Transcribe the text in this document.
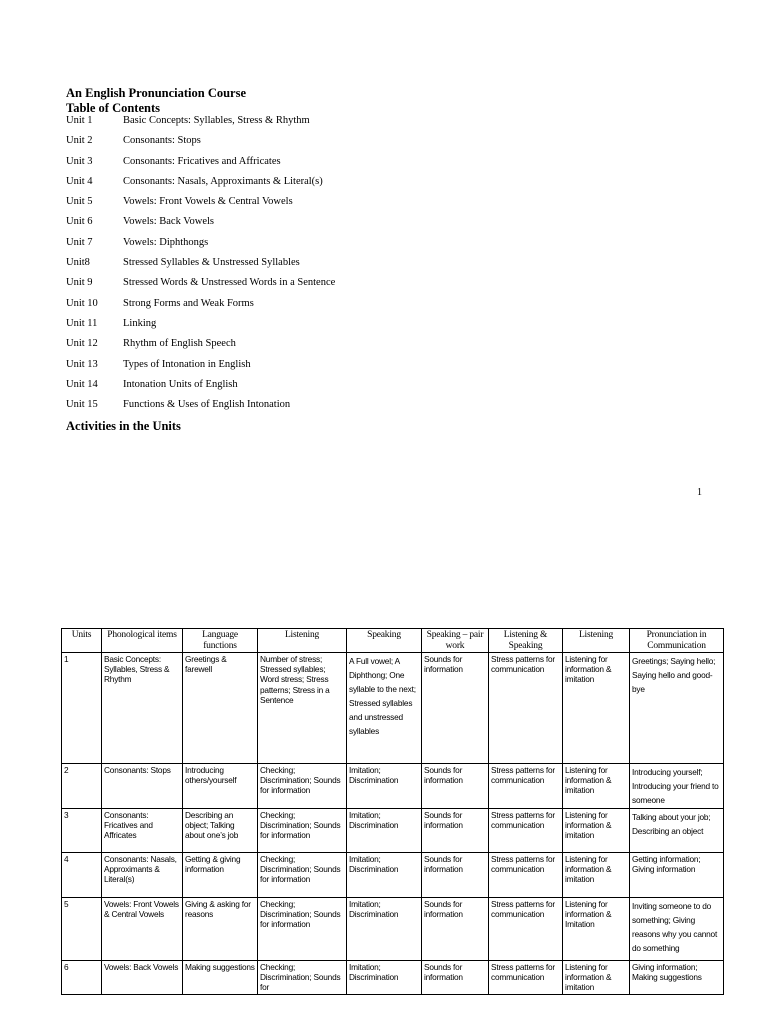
An English Pronunciation Course
Table of Contents
Unit 1	Basic Concepts: Syllables, Stress & Rhythm
Unit 2	Consonants: Stops
Unit 3	Consonants: Fricatives and Affricates
Unit 4	Consonants: Nasals, Approximants & Literal(s)
Unit 5	Vowels: Front Vowels & Central Vowels
Unit 6	Vowels: Back Vowels
Unit 7	Vowels: Diphthongs
Unit8	Stressed Syllables & Unstressed Syllables
Unit 9	Stressed Words & Unstressed Words in a Sentence
Unit 10 Strong Forms and Weak Forms
Unit 11 Linking
Unit 12 Rhythm of English Speech
Unit 13 Types of Intonation in English
Unit 14 Intonation Units of English
Unit 15 Functions & Uses of English Intonation
Activities in the Units
1
Units	Phonological items	Language functions	Listening	Speaking	Speaking – pair work	Listening & Speaking	Listening	Pronunciation in Communication
1	Basic Concepts: Syllables, Stress & Rhythm	Greetings & farewell	Number of stress; Stressed syllables; Word stress; Stress patterns; Stress in a Sentence	A Full vowel; A Diphthong; One syllable to the next; Stressed syllables and unstressed syllables	Sounds for information	Stress patterns for communication	Listening for information & imitation	Greetings; Saying hello; Saying hello and good-bye
2	Consonants: Stops	Introducing others/yourself	Checking; Discrimination; Sounds for information	Imitation; Discrimination	Sounds for information	Stress patterns for communication	Listening for information & imitation	Introducing yourself; Introducing your friend to someone
3	Consonants: Fricatives and Affricates	Describing an object; Talking about one’s job	Checking; Discrimination; Sounds for information	Imitation; Discrimination	Sounds for information	Stress patterns for communication	Listening for information & imitation	Talking about your job; Describing an object
4	Consonants: Nasals, Approximants & Literal(s)	Getting & giving information	Checking; Discrimination; Sounds for information	Imitation; Discrimination	Sounds for information	Stress patterns for communication	Listening for information & imitation	Getting information; Giving information
5	Vowels: Front Vowels & Central Vowels	Giving & asking for reasons	Checking; Discrimination; Sounds for information	Imitation; Discrimination	Sounds for information	Stress patterns for communication	Listening for information & Imitation	Inviting someone to do something; Giving reasons why you cannot do something
6	Vowels: Back Vowels	Making suggestions	Checking; Discrimination; Sounds for	Imitation; Discrimination	Sounds for information	Stress patterns for communication	Listening for information & imitation	Giving information; Making suggestions
